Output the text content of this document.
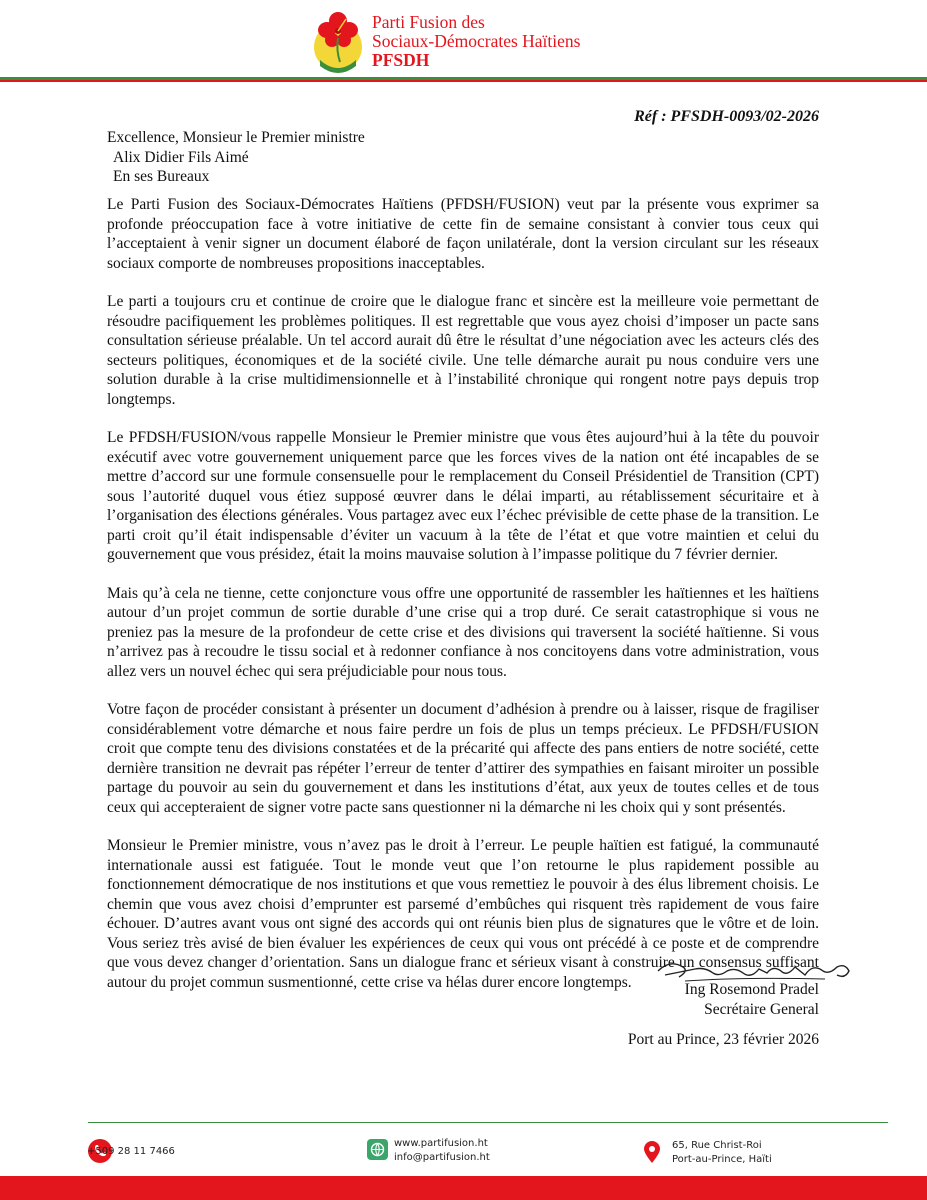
Parti Fusion des
Sociaux-Démocrates Haïtiens
PFSDH
Réf : PFSDH-0093/02-2026
Excellence, Monsieur le Premier ministre
Alix Didier Fils Aimé
En ses Bureaux

Le Parti Fusion des Sociaux-Démocrates Haïtiens (PFDSH/FUSION) veut par la présente vous exprimer sa profonde préoccupation face à votre initiative de cette fin de semaine consistant à convier tous ceux qui l’acceptaient à venir signer un document élaboré de façon unilatérale, dont la version circulant sur les réseaux sociaux comporte de nombreuses propositions inacceptables.

Le parti a toujours cru et continue de croire que le dialogue franc et sincère est la meilleure voie permettant de résoudre pacifiquement les problèmes politiques. Il est regrettable que vous ayez choisi d’imposer un pacte sans consultation sérieuse préalable. Un tel accord aurait dû être le résultat d’une négociation avec les acteurs clés des secteurs politiques, économiques et de la société civile. Une telle démarche aurait pu nous conduire vers une solution durable à la crise multidimensionnelle et à l’instabilité chronique qui rongent notre pays depuis trop longtemps.

Le PFDSH/FUSION/vous rappelle Monsieur le Premier ministre que vous êtes aujourd’hui à la tête du pouvoir exécutif avec votre gouvernement uniquement parce que les forces vives de la nation ont été incapables de se mettre d’accord sur une formule consensuelle pour le remplacement du Conseil Présidentiel de Transition (CPT) sous l’autorité duquel vous étiez supposé œuvrer dans le délai imparti, au rétablissement sécuritaire et à l’organisation des élections générales. Vous partagez avec eux l’échec prévisible de cette phase de la transition. Le parti croit qu’il était indispensable d’éviter un vacuum à la tête de l’état et que votre maintien et celui du gouvernement que vous présidez, était la moins mauvaise solution à l’impasse politique du 7 février dernier.

Mais qu’à cela ne tienne, cette conjoncture vous offre une opportunité de rassembler les haïtiennes et les haïtiens autour d’un projet commun de sortie durable d’une crise qui a trop duré. Ce serait catastrophique si vous ne preniez pas la mesure de la profondeur de cette crise et des divisions qui traversent la société haïtienne. Si vous n’arrivez pas à recoudre le tissu social et à redonner confiance à nos concitoyens dans votre administration, vous allez vers un nouvel échec qui sera préjudiciable pour nous tous.

Votre façon de procéder consistant à présenter un document d’adhésion à prendre ou à laisser, risque de fragiliser considérablement votre démarche et nous faire perdre un fois de plus un temps précieux. Le PFDSH/FUSION croit que compte tenu des divisions constatées et de la précarité qui affecte des pans entiers de notre société, cette dernière transition ne devrait pas répéter l’erreur de tenter d’attirer des sympathies en faisant miroiter un possible partage du pouvoir au sein du gouvernement et dans les institutions d’état, aux yeux de toutes celles et de tous ceux qui accepteraient de signer votre pacte sans questionner ni la démarche ni les choix qui y sont présentés.

Monsieur le Premier ministre, vous n’avez pas le droit à l’erreur. Le peuple haïtien est fatigué, la communauté internationale aussi est fatiguée. Tout le monde veut que l’on retourne le plus rapidement possible au fonctionnement démocratique de nos institutions et que vous remettiez le pouvoir à des élus librement choisis. Le chemin que vous avez choisi d’emprunter est parsemé d’embûches qui risquent très rapidement de vous faire échouer. D’autres avant vous ont signé des accords qui ont réunis bien plus de signatures que le vôtre et de loin. Vous seriez très avisé de bien évaluer les expériences de ceux qui vous ont précédé à ce poste et de comprendre que vous devez changer d’orientation. Sans un dialogue franc et sérieux visant à construire un consensus suffisant autour du projet commun susmentionné, cette crise va hélas durer encore longtemps.	Ing Rosemond Pradel
Secrétaire General
Port au Prince, 23 février 2026
+509 28 11 7466
www.partifusion.ht
info@partifusion.ht
65, Rue Christ-Roi
Port-au-Prince, Haïti
